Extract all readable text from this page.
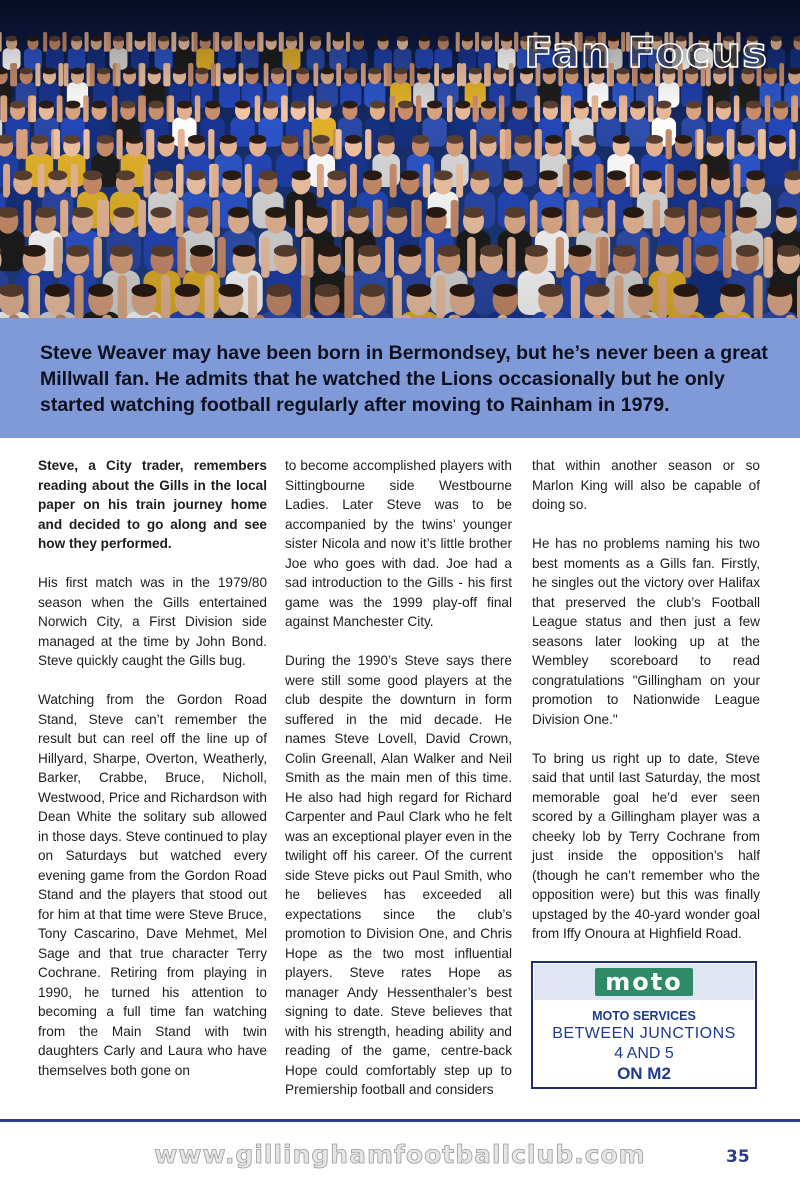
Fan Focus

Steve Weaver may have been born in Bermondsey, but he’s never been a great Millwall fan. He admits that he watched the Lions occasionally but he only started watching football regularly after moving to Rainham in 1979.

Steve, a City trader, remembers reading about the Gills in the local paper on his train journey home and decided to go along and see how they performed.

His first match was in the 1979/80 season when the Gills entertained Norwich City, a First Division side managed at the time by John Bond. Steve quickly caught the Gills bug.

Watching from the Gordon Road Stand, Steve can’t remember the result but can reel off the line up of Hillyard, Sharpe, Overton, Weatherly, Barker, Crabbe, Bruce, Nicholl, Westwood, Price and Richardson with Dean White the solitary sub allowed in those days. Steve continued to play on Saturdays but watched every evening game from the Gordon Road Stand and the players that stood out for him at that time were Steve Bruce, Tony Cascarino, Dave Mehmet, Mel Sage and that true character Terry Cochrane. Retiring from playing in 1990, he turned his attention to becoming a full time fan watching from the Main Stand with twin daughters Carly and Laura who have themselves both gone on

to become accomplished players with Sittingbourne side Westbourne Ladies. Later Steve was to be accompanied by the twins’ younger sister Nicola and now it’s little brother Joe who goes with dad. Joe had a sad introduction to the Gills - his first game was the 1999 play-off final against Manchester City.

During the 1990’s Steve says there were still some good players at the club despite the downturn in form suffered in the mid decade. He names Steve Lovell, David Crown, Colin Greenall, Alan Walker and Neil Smith as the main men of this time. He also had high regard for Richard Carpenter and Paul Clark who he felt was an exceptional player even in the twilight off his career. Of the current side Steve picks out Paul Smith, who he believes has exceeded all expectations since the club’s promotion to Division One, and Chris Hope as the two most influential players. Steve rates Hope as manager Andy Hessenthaler’s best signing to date. Steve believes that with his strength, heading ability and reading of the game, centre-back Hope could comfortably step up to Premiership football and considers

that within another season or so Marlon King will also be capable of doing so.

He has no problems naming his two best moments as a Gills fan. Firstly, he singles out the victory over Halifax that preserved the club’s Football League status and then just a few seasons later looking up at the Wembley scoreboard to read congratulations "Gillingham on your promotion to Nationwide League Division One."

To bring us right up to date, Steve said that until last Saturday, the most memorable goal he’d ever seen scored by a Gillingham player was a cheeky lob by Terry Cochrane from just inside the opposition’s half (though he can’t remember who the opposition were) but this was finally upstaged by the 40-yard wonder goal from Iffy Onoura at Highfield Road.

moto
MOTO SERVICES
BETWEEN JUNCTIONS
4 AND 5
ON M2
www.gillinghamfootballclub.com	35
